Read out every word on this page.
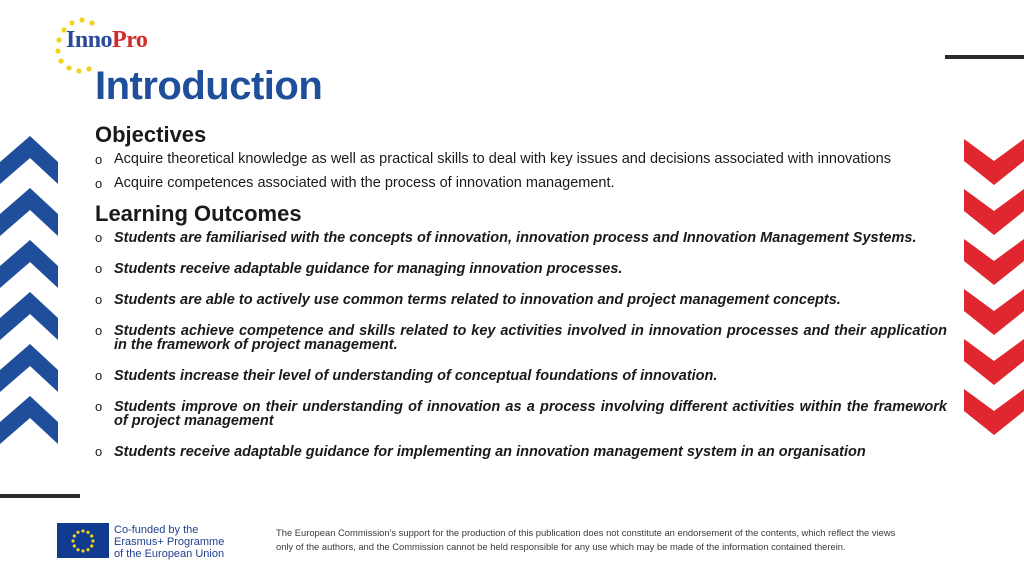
InnoPro
Introduction
Objectives
o Acquire theoretical knowledge as well as practical skills to deal with key issues and decisions associated with innovations
o Acquire competences associated with the process of innovation management.
Learning Outcomes
o Students are familiarised with the concepts of innovation, innovation process and Innovation Management Systems.
o Students receive adaptable guidance for managing innovation processes.
o Students are able to actively use common terms related to innovation and project management concepts.
o Students achieve competence and skills related to key activities involved in innovation processes and their application in the framework of project management.
o Students increase their level of understanding of conceptual foundations of innovation.
o Students improve on their understanding of innovation as a process involving different activities within the framework of project management
o Students receive adaptable guidance for implementing an innovation management system in an organisation
Co-funded by the
Erasmus+ Programme
of the European Union
The European Commission's support for the production of this publication does not constitute an endorsement of the contents, which reflect the views only of the authors, and the Commission cannot be held responsible for any use which may be made of the information contained therein.
